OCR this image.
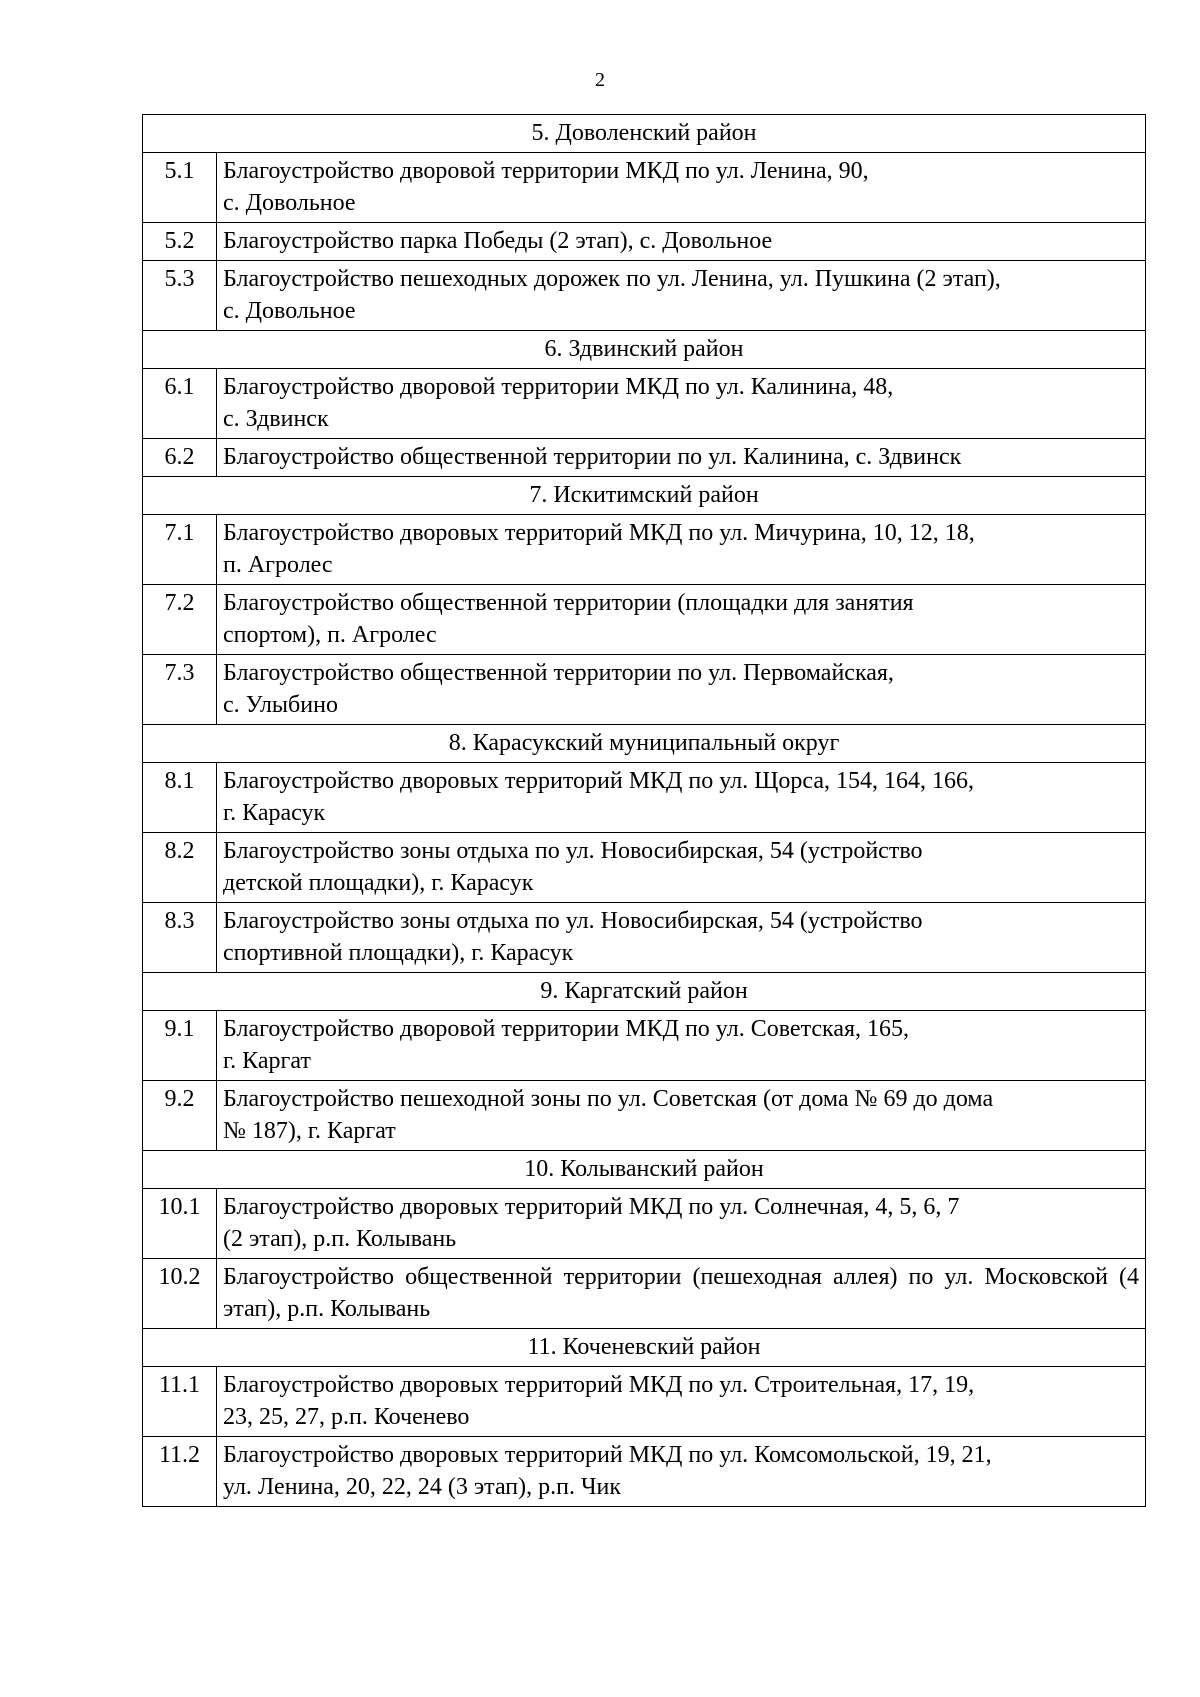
2
5. Доволенский район	
5.1	Благоустройство дворовой территории МКД по ул. Ленина, 90,
с. Довольное
5.2	Благоустройство парка Победы (2 этап), с. Довольное
5.3	Благоустройство пешеходных дорожек по ул. Ленина, ул. Пушкина (2 этап),
с. Довольное
6. Здвинский район	
6.1	Благоустройство дворовой территории МКД по ул. Калинина, 48,
с. Здвинск
6.2	Благоустройство общественной территории по ул. Калинина, с. Здвинск
7. Искитимский район	
7.1	Благоустройство дворовых территорий МКД по ул. Мичурина, 10, 12, 18,
п. Агролес
7.2	Благоустройство общественной территории (площадки для занятия
спортом), п. Агролес
7.3	Благоустройство общественной территории по ул. Первомайская,
с. Улыбино
8. Карасукский муниципальный округ	
8.1	Благоустройство дворовых территорий МКД по ул. Щорса, 154, 164, 166,
г. Карасук
8.2	Благоустройство зоны отдыха по ул. Новосибирская, 54 (устройство
детской площадки), г. Карасук
8.3	Благоустройство зоны отдыха по ул. Новосибирская, 54 (устройство
спортивной площадки), г. Карасук
9. Каргатский район	
9.1	Благоустройство дворовой территории МКД по ул. Советская, 165,
г. Каргат
9.2	Благоустройство пешеходной зоны по ул. Советская (от дома № 69 до дома
№ 187), г. Каргат
10. Колыванский район	
10.1	Благоустройство дворовых территорий МКД по ул. Солнечная, 4, 5, 6, 7
(2 этап), р.п. Колывань
10.2	Благоустройство общественной территории (пешеходная аллея) по ул. Московской (4 этап), р.п. Колывань
11. Коченевский район	
11.1	Благоустройство дворовых территорий МКД по ул. Строительная, 17, 19,
23, 25, 27, р.п. Коченево
11.2	Благоустройство дворовых территорий МКД по ул. Комсомольской, 19, 21,
ул. Ленина, 20, 22, 24 (3 этап), р.п. Чик
